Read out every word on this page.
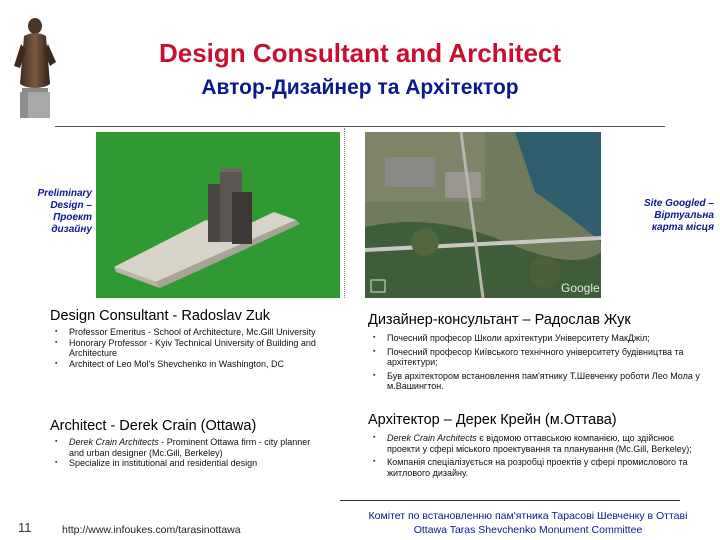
Design Consultant and Architect
Автор-Дизайнер та Архітектор
Preliminary
Design –
Проект
дизайну
Google
Site Googled –
Віртуальна
карта місця
Design Consultant - Radoslav Zuk
▪ Professor Emeritus - School of Architecture, Mc.Gill University
▪ Honorary Professor - Kyiv Technical University of Building and Architecture
▪ Architect of Leo Mol's Shevchenko in Washington, DC
Architect - Derek Crain (Ottawa)
▪ Derek Crain Architects - Prominent Ottawa firm - city planner and urban designer (Mc.Gill, Berkeley)
▪ Specialize in institutional and residential design
Дизайнер-консультант – Радослав Жук
▪ Почесний професор Школи архітектури Університету МакДжіл;
▪ Почесний професор Київського технічного університету будівництва та архітектури;
▪ Був архітектором встановлення пам'ятнику Т.Шевченку роботи Лео Мола у м.Вашингтон.
Архітектор – Дерек Крейн (м.Оттава)
▪ Derek Crain Architects є відомою оттавською компанією, що здійснює проекти у сфері міського проектування та планування (Mc.Gill, Berkeley);
▪ Компанія спеціалізується на розробці проектів у сфері промислового та житлового дизайну.
11	http://www.infoukes.com/tarasinottawa
Комітет по встановленню пам'ятника Тарасові Шевченку в Оттаві
Ottawa Taras Shevchenko Monument Committee
